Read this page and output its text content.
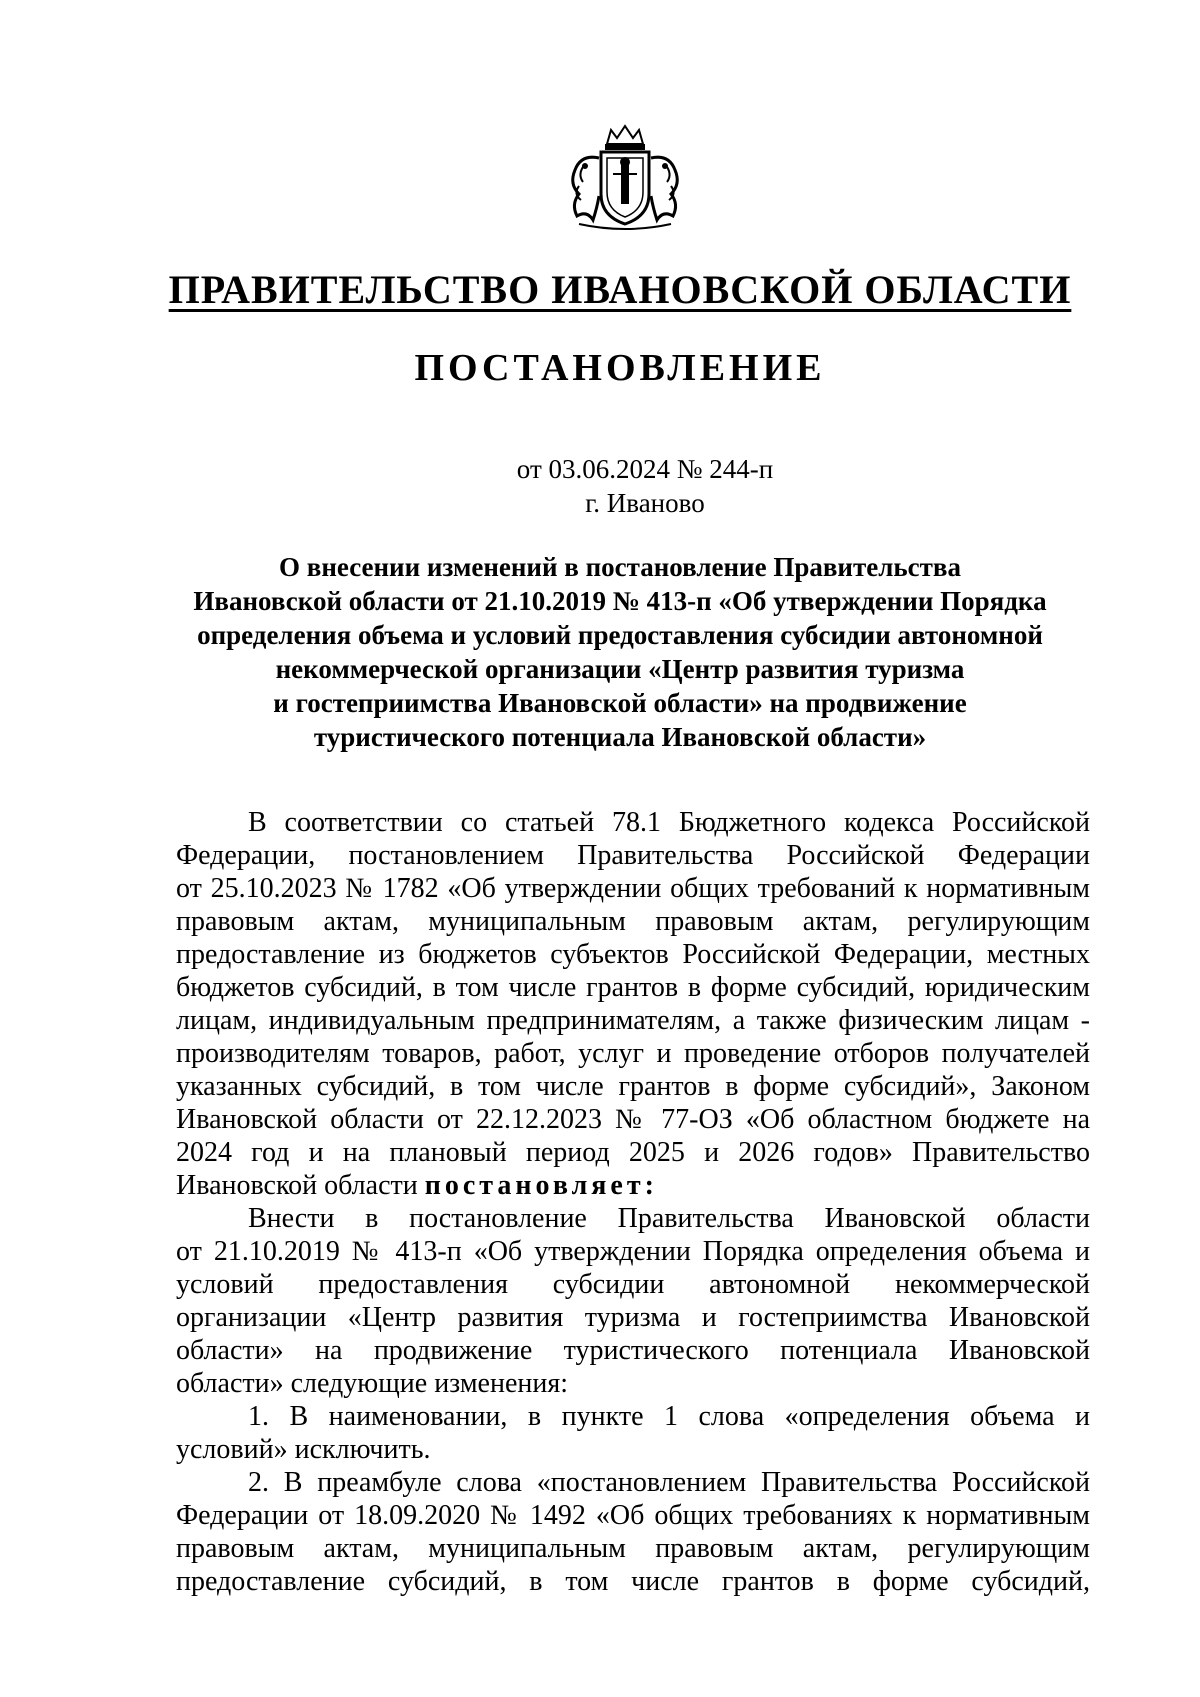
ПРАВИТЕЛЬСТВО ИВАНОВСКОЙ ОБЛАСТИ
ПОСТАНОВЛЕНИЕ
от 03.06.2024 № 244-п
г. Иваново
О внесении изменений в постановление Правительства
Ивановской области от 21.10.2019 № 413-п «Об утверждении Порядка
определения объема и условий предоставления субсидии автономной
некоммерческой организации «Центр развития туризма
и гостеприимства Ивановской области» на продвижение
туристического потенциала Ивановской области»
В соответствии со статьей 78.1 Бюджетного кодекса Российской
Федерации, постановлением Правительства Российской Федерации
от 25.10.2023 № 1782 «Об утверждении общих требований к нормативным
правовым актам, муниципальным правовым актам, регулирующим
предоставление из бюджетов субъектов Российской Федерации, местных
бюджетов субсидий, в том числе грантов в форме субсидий, юридическим
лицам, индивидуальным предпринимателям, а также физическим лицам -
производителям товаров, работ, услуг и проведение отборов получателей
указанных субсидий, в том числе грантов в форме субсидий», Законом
Ивановской области от 22.12.2023 № 77-ОЗ «Об областном бюджете на
2024 год и на плановый период 2025 и 2026 годов» Правительство
Ивановской области постановляет:
Внести в постановление Правительства Ивановской области
от 21.10.2019 № 413-п «Об утверждении Порядка определения объема и
условий предоставления субсидии автономной некоммерческой
организации «Центр развития туризма и гостеприимства Ивановской
области» на продвижение туристического потенциала Ивановской
области» следующие изменения:
1. В наименовании, в пункте 1 слова «определения объема и
условий» исключить.
2. В преамбуле слова «постановлением Правительства Российской
Федерации от 18.09.2020 № 1492 «Об общих требованиях к нормативным
правовым актам, муниципальным правовым актам, регулирующим
предоставление субсидий, в том числе грантов в форме субсидий,
